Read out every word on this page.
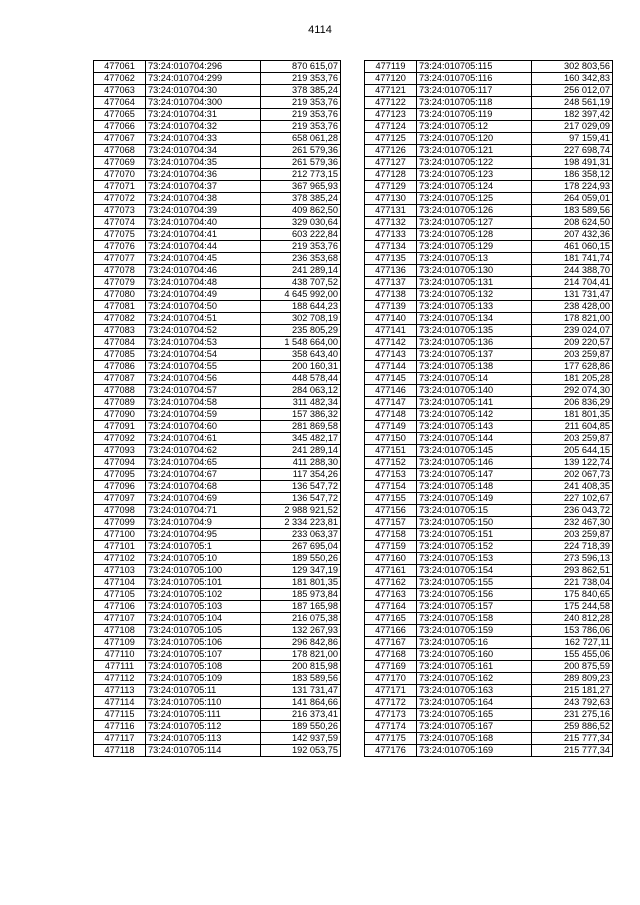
4114
477061	73:24:010704:296	870 615,07
477062	73:24:010704:299	219 353,76
477063	73:24:010704:30	378 385,24
477064	73:24:010704:300	219 353,76
477065	73:24:010704:31	219 353,76
477066	73:24:010704:32	219 353,76
477067	73:24:010704:33	658 061,28
477068	73:24:010704:34	261 579,36
477069	73:24:010704:35	261 579,36
477070	73:24:010704:36	212 773,15
477071	73:24:010704:37	367 965,93
477072	73:24:010704:38	378 385,24
477073	73:24:010704:39	409 862,50
477074	73:24:010704:40	329 030,64
477075	73:24:010704:41	603 222,84
477076	73:24:010704:44	219 353,76
477077	73:24:010704:45	236 353,68
477078	73:24:010704:46	241 289,14
477079	73:24:010704:48	438 707,52
477080	73:24:010704:49	4 645 992,00
477081	73:24:010704:50	188 644,23
477082	73:24:010704:51	302 708,19
477083	73:24:010704:52	235 805,29
477084	73:24:010704:53	1 548 664,00
477085	73:24:010704:54	358 643,40
477086	73:24:010704:55	200 160,31
477087	73:24:010704:56	448 578,44
477088	73:24:010704:57	284 063,12
477089	73:24:010704:58	311 482,34
477090	73:24:010704:59	157 386,32
477091	73:24:010704:60	281 869,58
477092	73:24:010704:61	345 482,17
477093	73:24:010704:62	241 289,14
477094	73:24:010704:65	411 288,30
477095	73:24:010704:67	117 354,26
477096	73:24:010704:68	136 547,72
477097	73:24:010704:69	136 547,72
477098	73:24:010704:71	2 988 921,52
477099	73:24:010704:9	2 334 223,81
477100	73:24:010704:95	233 063,37
477101	73:24:010705:1	267 695,04
477102	73:24:010705:10	189 550,26
477103	73:24:010705:100	129 347,19
477104	73:24:010705:101	181 801,35
477105	73:24:010705:102	185 973,84
477106	73:24:010705:103	187 165,98
477107	73:24:010705:104	216 075,38
477108	73:24:010705:105	132 267,93
477109	73:24:010705:106	296 842,86
477110	73:24:010705:107	178 821,00
477111	73:24:010705:108	200 815,98
477112	73:24:010705:109	183 589,56
477113	73:24:010705:11	131 731,47
477114	73:24:010705:110	141 864,66
477115	73:24:010705:111	216 373,41
477116	73:24:010705:112	189 550,26
477117	73:24:010705:113	142 937,59
477118	73:24:010705:114	192 053,75
477119	73:24:010705:115	302 803,56
477120	73:24:010705:116	160 342,83
477121	73:24:010705:117	256 012,07
477122	73:24:010705:118	248 561,19
477123	73:24:010705:119	182 397,42
477124	73:24:010705:12	217 029,09
477125	73:24:010705:120	97 159,41
477126	73:24:010705:121	227 698,74
477127	73:24:010705:122	198 491,31
477128	73:24:010705:123	186 358,12
477129	73:24:010705:124	178 224,93
477130	73:24:010705:125	264 059,01
477131	73:24:010705:126	183 589,56
477132	73:24:010705:127	208 624,50
477133	73:24:010705:128	207 432,36
477134	73:24:010705:129	461 060,15
477135	73:24:010705:13	181 741,74
477136	73:24:010705:130	244 388,70
477137	73:24:010705:131	214 704,41
477138	73:24:010705:132	131 731,47
477139	73:24:010705:133	238 428,00
477140	73:24:010705:134	178 821,00
477141	73:24:010705:135	239 024,07
477142	73:24:010705:136	209 220,57
477143	73:24:010705:137	203 259,87
477144	73:24:010705:138	177 628,86
477145	73:24:010705:14	181 205,28
477146	73:24:010705:140	292 074,30
477147	73:24:010705:141	206 836,29
477148	73:24:010705:142	181 801,35
477149	73:24:010705:143	211 604,85
477150	73:24:010705:144	203 259,87
477151	73:24:010705:145	205 644,15
477152	73:24:010705:146	139 122,74
477153	73:24:010705:147	202 067,73
477154	73:24:010705:148	241 408,35
477155	73:24:010705:149	227 102,67
477156	73:24:010705:15	236 043,72
477157	73:24:010705:150	232 467,30
477158	73:24:010705:151	203 259,87
477159	73:24:010705:152	224 718,39
477160	73:24:010705:153	273 596,13
477161	73:24:010705:154	293 862,51
477162	73:24:010705:155	221 738,04
477163	73:24:010705:156	175 840,65
477164	73:24:010705:157	175 244,58
477165	73:24:010705:158	240 812,28
477166	73:24:010705:159	153 786,06
477167	73:24:010705:16	162 727,11
477168	73:24:010705:160	155 455,06
477169	73:24:010705:161	200 875,59
477170	73:24:010705:162	289 809,23
477171	73:24:010705:163	215 181,27
477172	73:24:010705:164	243 792,63
477173	73:24:010705:165	231 275,16
477174	73:24:010705:167	259 886,52
477175	73:24:010705:168	215 777,34
477176	73:24:010705:169	215 777,34
